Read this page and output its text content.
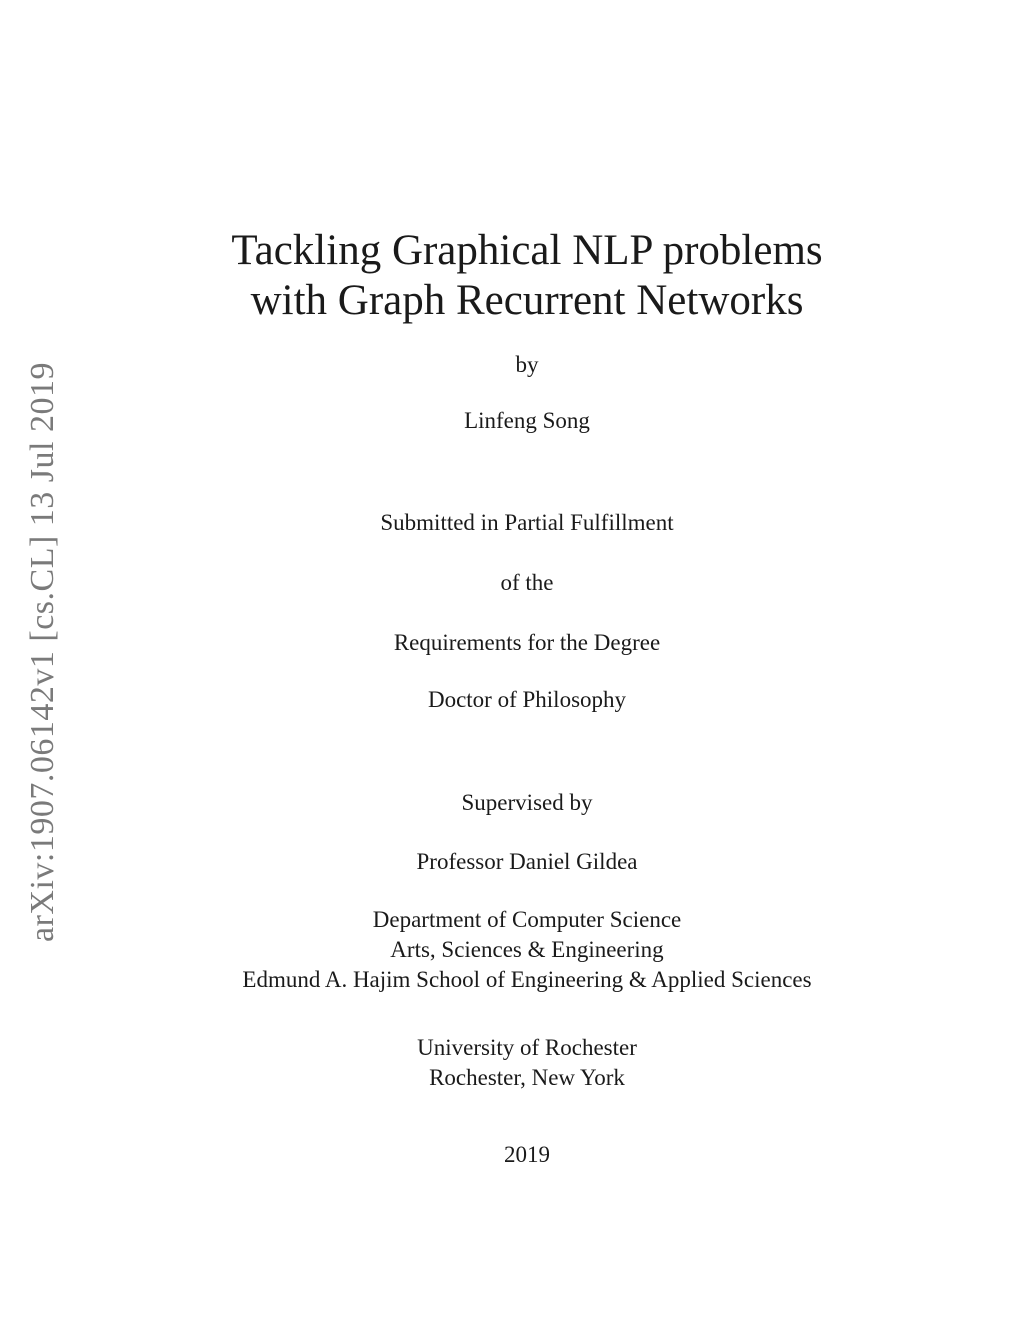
arXiv:1907.06142v1 [cs.CL] 13 Jul 2019
Tackling Graphical NLP problems
with Graph Recurrent Networks
by
Linfeng Song
Submitted in Partial Fulfillment
of the
Requirements for the Degree
Doctor of Philosophy
Supervised by
Professor Daniel Gildea
Department of Computer Science
Arts, Sciences & Engineering
Edmund A. Hajim School of Engineering & Applied Sciences
University of Rochester
Rochester, New York
2019
